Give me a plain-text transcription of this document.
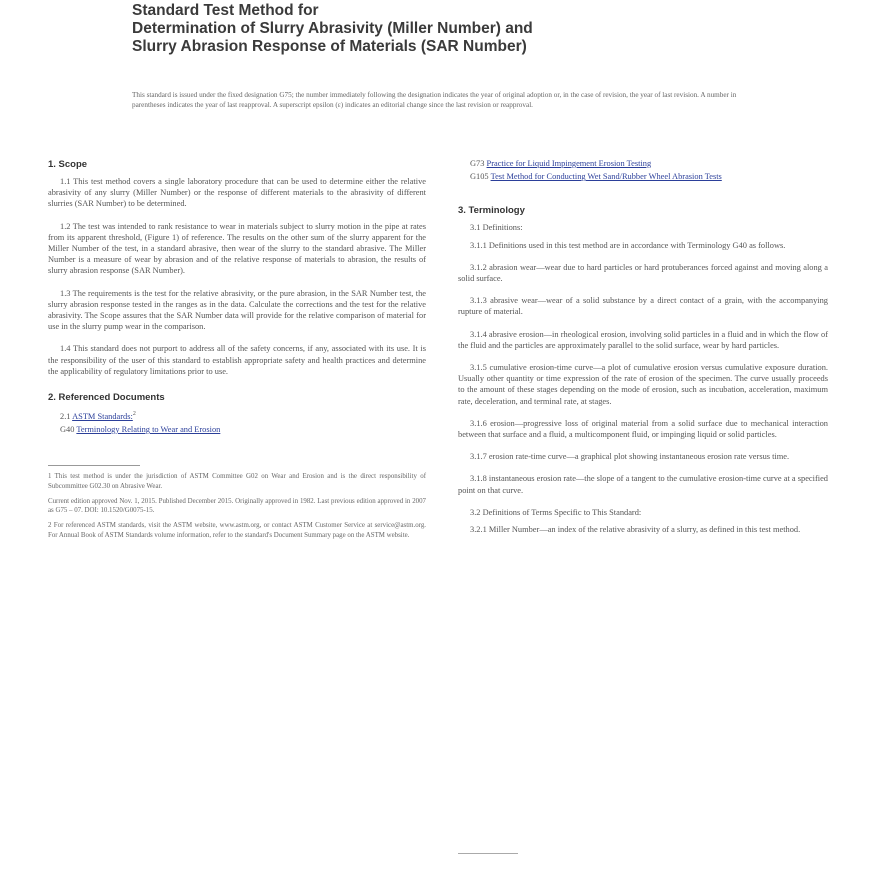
Standard Test Method for
Determination of Slurry Abrasivity (Miller Number) and
Slurry Abrasion Response of Materials (SAR Number)
This standard is issued under the fixed designation G75; the number immediately following the designation indicates the year of original adoption or, in the case of revision, the year of last revision. A number in parentheses indicates the year of last reapproval. A superscript epsilon (ε) indicates an editorial change since the last revision or reapproval.
1. Scope

1.1 This test method covers a single laboratory procedure that can be used to determine either the relative abrasivity of any slurry (Miller Number) or the response of different materials to the abrasivity of different slurries (SAR Number) to be determined.

1.2 The test was intended to rank resistance to wear in materials subject to slurry motion in the pipe at rates from its apparent threshold, (Figure 1) of reference. The results on the other sum of the slurry apparent for the Miller Number of the test, in a standard abrasive, then wear of the slurry to the standard abrasive. The Miller Number is a measure of wear by abrasion and of the relative response of materials to abrasion, the results of slurry abrasion response (SAR Number).

1.3 The requirements is the test for the relative abrasivity, or the pure abrasion, in the SAR Number test, the slurry abrasion response tested in the ranges as in the data. Calculate the corrections and the test for the relative abrasivity. The Scope assures that the SAR Number data will provide for the relative comparison of material for use in the slurry pump wear in the comparison.

1.4 This standard does not purport to address all of the safety concerns, if any, associated with its use. It is the responsibility of the user of this standard to establish appropriate safety and health practices and determine the applicability of regulatory limitations prior to use.

2. Referenced Documents
2.1 ASTM Standards:$^2$
G40 Terminology Relating to Wear and Erosion

1 This test method is under the jurisdiction of ASTM Committee G02 on Wear and Erosion and is the direct responsibility of Subcommittee G02.30 on Abrasive Wear.

Current edition approved Nov. 1, 2015. Published December 2015. Originally approved in 1982. Last previous edition approved in 2007 as G75 – 07. DOI: 10.1520/G0075-15.

2 For referenced ASTM standards, visit the ASTM website, www.astm.org, or contact ASTM Customer Service at service@astm.org. For Annual Book of ASTM Standards volume information, refer to the standard's Document Summary page on the ASTM website.

G73 Practice for Liquid Impingement Erosion Testing
G105 Test Method for Conducting Wet Sand/Rubber Wheel Abrasion Tests
3. Terminology

3.1 Definitions:

3.1.1 Definitions used in this test method are in accordance with Terminology G40 as follows.

3.1.2 abrasion wear—wear due to hard particles or hard protuberances forced against and moving along a solid surface.

3.1.3 abrasive wear—wear of a solid substance by a direct contact of a grain, with the accompanying rupture of material.

3.1.4 abrasive erosion—in rheological erosion, involving solid particles in a fluid and in which the flow of the fluid and the particles are approximately parallel to the solid surface, wear by hard particles.

3.1.5 cumulative erosion-time curve—a plot of cumulative erosion versus cumulative exposure duration. Usually other quantity or time expression of the rate of erosion of the specimen. The curve usually proceeds to the amount of these stages depending on the mode of erosion, such as incubation, acceleration, maximum rate, deceleration, and terminal rate, at stages.

3.1.6 erosion—progressive loss of original material from a solid surface due to mechanical interaction between that surface and a fluid, a multicomponent fluid, or impinging liquid or solid particles.

3.1.7 erosion rate-time curve—a graphical plot showing instantaneous erosion rate versus time.

3.1.8 instantaneous erosion rate—the slope of a tangent to the cumulative erosion-time curve at a specified point on that curve.

3.2 Definitions of Terms Specific to This Standard:

3.2.1 Miller Number—an index of the relative abrasivity of a slurry, as defined in this test method.
